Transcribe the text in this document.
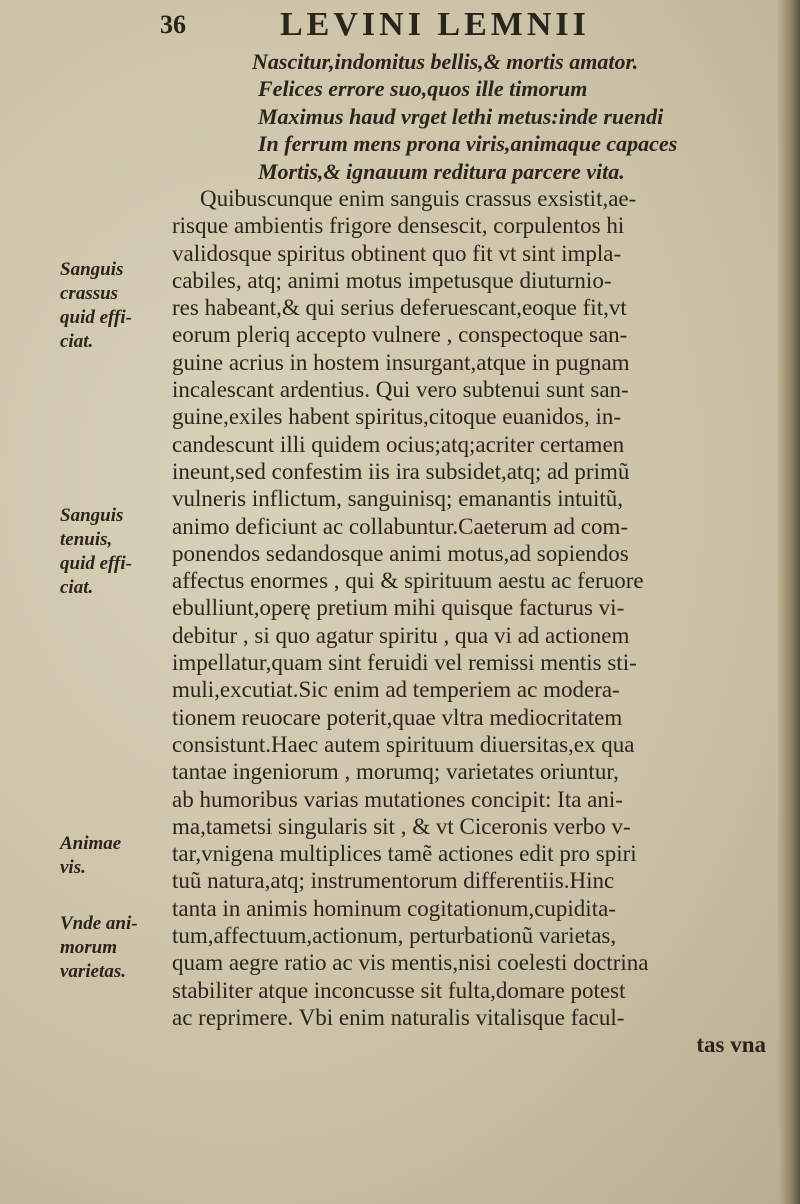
36	LEVINI LEMNII
Nascitur,indomitus bellis,& mortis amator.
Felices errore suo,quos ille timorum
Maximus haud vrget lethi metus:inde ruendi
In ferrum mens prona viris,animaque capaces
Mortis,& ignauum reditura parcere vita.
Quibuscunque enim sanguis crassus exsistit,ae-
risque ambientis frigore densescit, corpulentos hi
validosque spiritus obtinent quo fit vt sint impla-
cabiles, atq; animi motus impetusque diuturnio-
res habeant,& qui serius deferuescant,eoque fit,vt
eorum pleriq accepto vulnere , conspectoque san-
guine acrius in hostem insurgant,atque in pugnam
incalescant ardentius. Qui vero subtenui sunt san-
guine,exiles habent spiritus,citoque euanidos, in-
candescunt illi quidem ocius;atq;acriter certamen
ineunt,sed confestim iis ira subsidet,atq; ad primũ
vulneris inflictum, sanguinisq; emanantis intuitũ,
animo deficiunt ac collabuntur.Caeterum ad com-
ponendos sedandosque animi motus,ad sopiendos
affectus enormes , qui & spirituum aestu ac feruore
ebulliunt,operę pretium mihi quisque facturus vi-
debitur , si quo agatur spiritu , qua vi ad actionem
impellatur,quam sint feruidi vel remissi mentis sti-
muli,excutiat.Sic enim ad temperiem ac modera-
tionem reuocare poterit,quae vltra mediocritatem
consistunt.Haec autem spirituum diuersitas,ex qua
tantae ingeniorum , morumq; varietates oriuntur,
ab humoribus varias mutationes concipit: Ita ani-
ma,tametsi singularis sit , & vt Ciceronis verbo v-
tar,vnigena multiplices tamẽ actiones edit pro spiri
tuũ natura,atq; instrumentorum differentiis.Hinc
tanta in animis hominum cogitationum,cupidita-
tum,affectuum,actionum, perturbationũ varietas,
quam aegre ratio ac vis mentis,nisi coelesti doctrina
stabiliter atque inconcusse sit fulta,domare potest
ac reprimere. Vbi enim naturalis vitalisque facul-
tas vna
Sanguis
crassus
quid effi-
ciat.
Sanguis
tenuis,
quid effi-
ciat.
Animae
vis.
Vnde ani-
morum
varietas.
